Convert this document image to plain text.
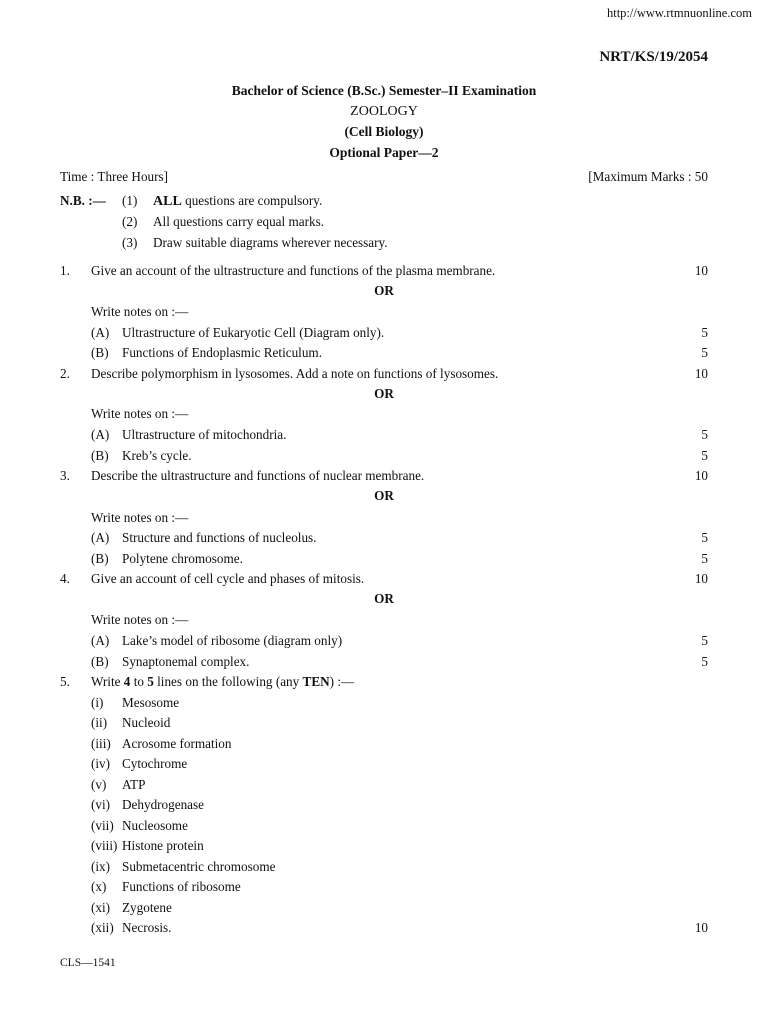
http://www.rtmnuonline.com
NRT/KS/19/2054
Bachelor of Science (B.Sc.) Semester–II Examination
ZOOLOGY
(Cell Biology)
Optional Paper—2
Time : Three Hours]	[Maximum Marks : 50
N.B. :— (1) ALL questions are compulsory.
(2) All questions carry equal marks.
(3) Draw suitable diagrams wherever necessary.
1. Give an account of the ultrastructure and functions of the plasma membrane.	10
OR
Write notes on :—
(A) Ultrastructure of Eukaryotic Cell (Diagram only).	5
(B) Functions of Endoplasmic Reticulum.	5
2. Describe polymorphism in lysosomes. Add a note on functions of lysosomes.	10
OR
Write notes on :—
(A) Ultrastructure of mitochondria.	5
(B) Kreb’s cycle.	5
3. Describe the ultrastructure and functions of nuclear membrane.	10
OR
Write notes on :—
(A) Structure and functions of nucleolus.	5
(B) Polytene chromosome.	5
4. Give an account of cell cycle and phases of mitosis.	10
OR
Write notes on :—
(A) Lake’s model of ribosome (diagram only)	5
(B) Synaptonemal complex.	5
5. Write 4 to 5 lines on the following (any TEN) :—
(i) Mesosome
(ii) Nucleoid
(iii) Acrosome formation
(iv) Cytochrome
(v) ATP
(vi) Dehydrogenase
(vii) Nucleosome
(viii) Histone protein
(ix) Submetacentric chromosome
(x) Functions of ribosome
(xi) Zygotene
(xii) Necrosis.	10
CLS—1541
